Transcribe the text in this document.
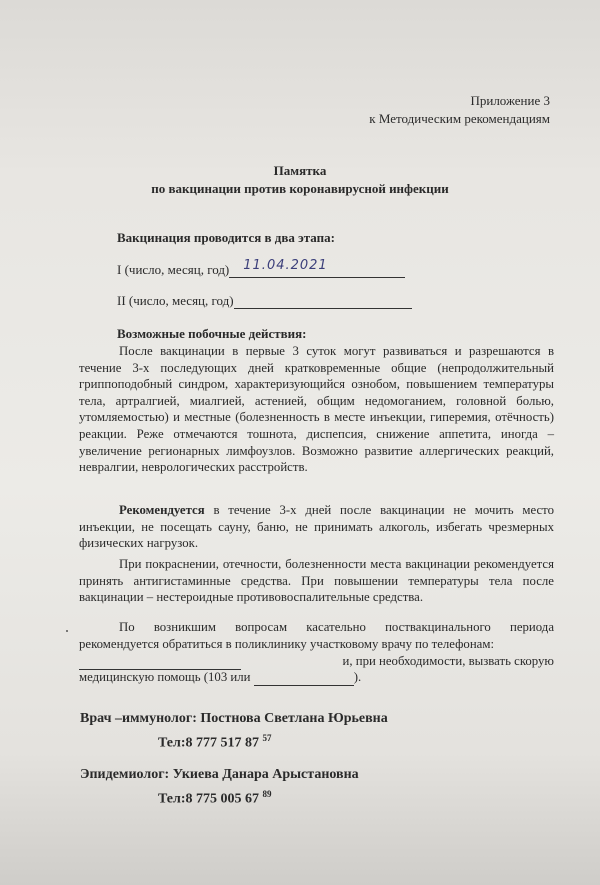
Приложение 3
к Методическим рекомендациям
Памятка
по вакцинации против коронавирусной инфекции
Вакцинация проводится в два этапа:
I (число, месяц, год) 11.04.2021
II (число, месяц, год)
Возможные побочные действия:
После вакцинации в первые 3 суток могут развиваться и разрешаются в течение 3-х последующих дней кратковременные общие (непродолжительный гриппоподобный синдром, характеризующийся ознобом, повышением температуры тела, артралгией, миалгией, астенией, общим недомоганием, головной болью, утомляемостью) и местные (болезненность в месте инъекции, гиперемия, отёчность) реакции. Реже отмечаются тошнота, диспепсия, снижение аппетита, иногда – увеличение регионарных лимфоузлов. Возможно развитие аллергических реакций, невралгии, неврологических расстройств.
Рекомендуется в течение 3-х дней после вакцинации не мочить место инъекции, не посещать сауну, баню, не принимать алкоголь, избегать чрезмерных физических нагрузок.
При покраснении, отечности, болезненности места вакцинации рекомендуется принять антигистаминные средства. При повышении температуры тела после вакцинации – нестероидные противовоспалительные средства.
По возникшим вопросам касательно поствакцинального периода рекомендуется обратиться в поликлинику участковому врачу по телефонам:
и, при необходимости, вызвать скорую
медицинскую помощь (103 или	).
Врач –иммунолог: Постнова Светлана Юрьевна
Тел:8 777 517 87 $^{57}$
Эпидемиолог: Укиева Данара Арыстановна
Тел:8 775 005 67 $^{89}$
